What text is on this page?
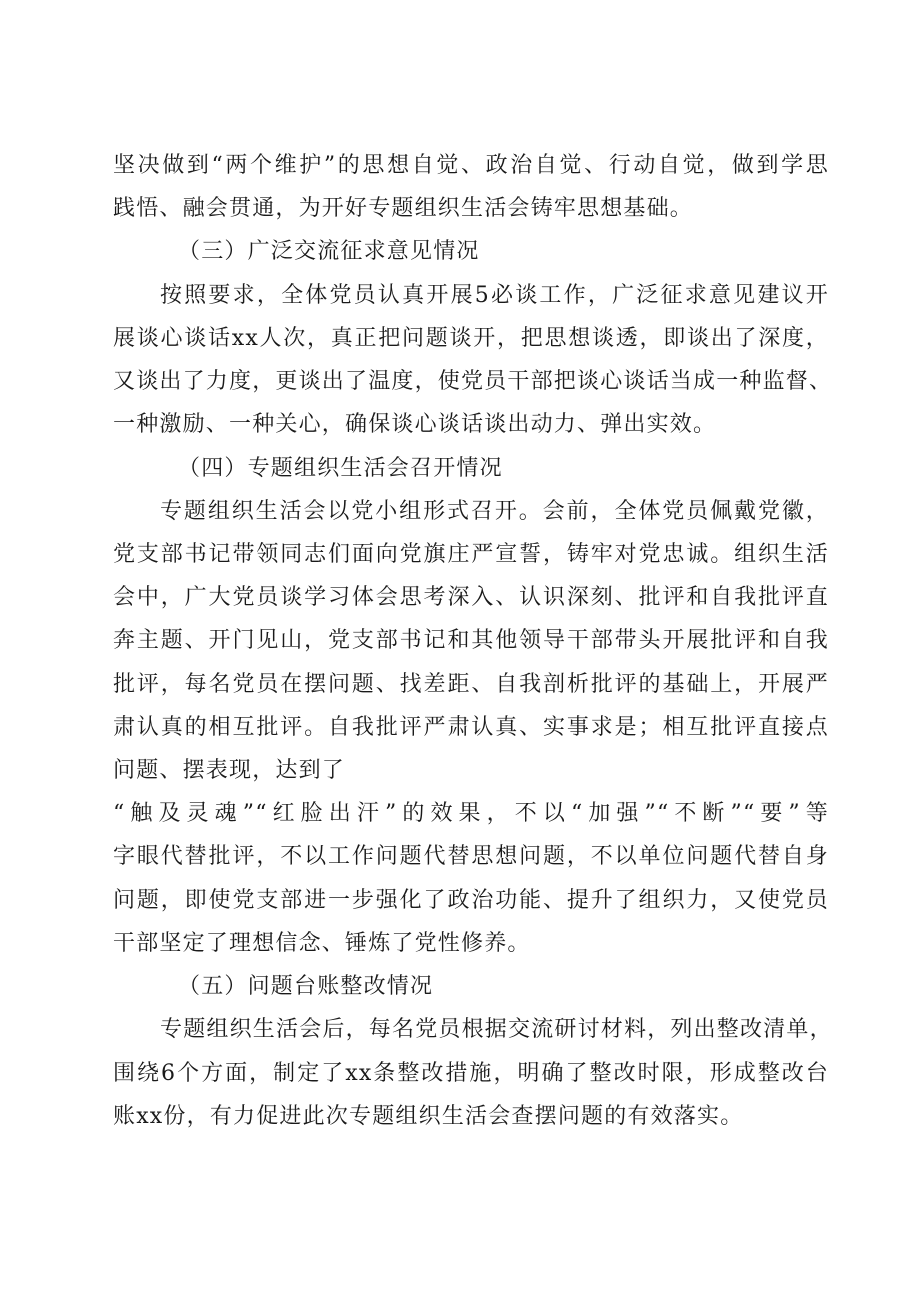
坚决做到“两个维护”的思想自觉、政治自觉、行动自觉，做到学思
践悟、融会贯通，为开好专题组织生活会铸牢思想基础。
（三）广泛交流征求意见情况
按照要求，全体党员认真开展5必谈工作，广泛征求意见建议开
展谈心谈话xx人次，真正把问题谈开，把思想谈透，即谈出了深度，
又谈出了力度，更谈出了温度，使党员干部把谈心谈话当成一种监督、
一种激励、一种关心，确保谈心谈话谈出动力、弹出实效。
（四）专题组织生活会召开情况
专题组织生活会以党小组形式召开。会前，全体党员佩戴党徽，
党支部书记带领同志们面向党旗庄严宣誓，铸牢对党忠诚。组织生活
会中，广大党员谈学习体会思考深入、认识深刻、批评和自我批评直
奔主题、开门见山，党支部书记和其他领导干部带头开展批评和自我
批评，每名党员在摆问题、找差距、自我剖析批评的基础上，开展严
肃认真的相互批评。自我批评严肃认真、实事求是；相互批评直接点
问题、摆表现，达到了
“触及灵魂”“红脸出汗”的效果，不以“加强”“不断”“要”等
字眼代替批评，不以工作问题代替思想问题，不以单位问题代替自身
问题，即使党支部进一步强化了政治功能、提升了组织力，又使党员
干部坚定了理想信念、锤炼了党性修养。
（五）问题台账整改情况
专题组织生活会后，每名党员根据交流研讨材料，列出整改清单，
围绕6个方面，制定了xx条整改措施，明确了整改时限，形成整改台
账xx份，有力促进此次专题组织生活会查摆问题的有效落实。
